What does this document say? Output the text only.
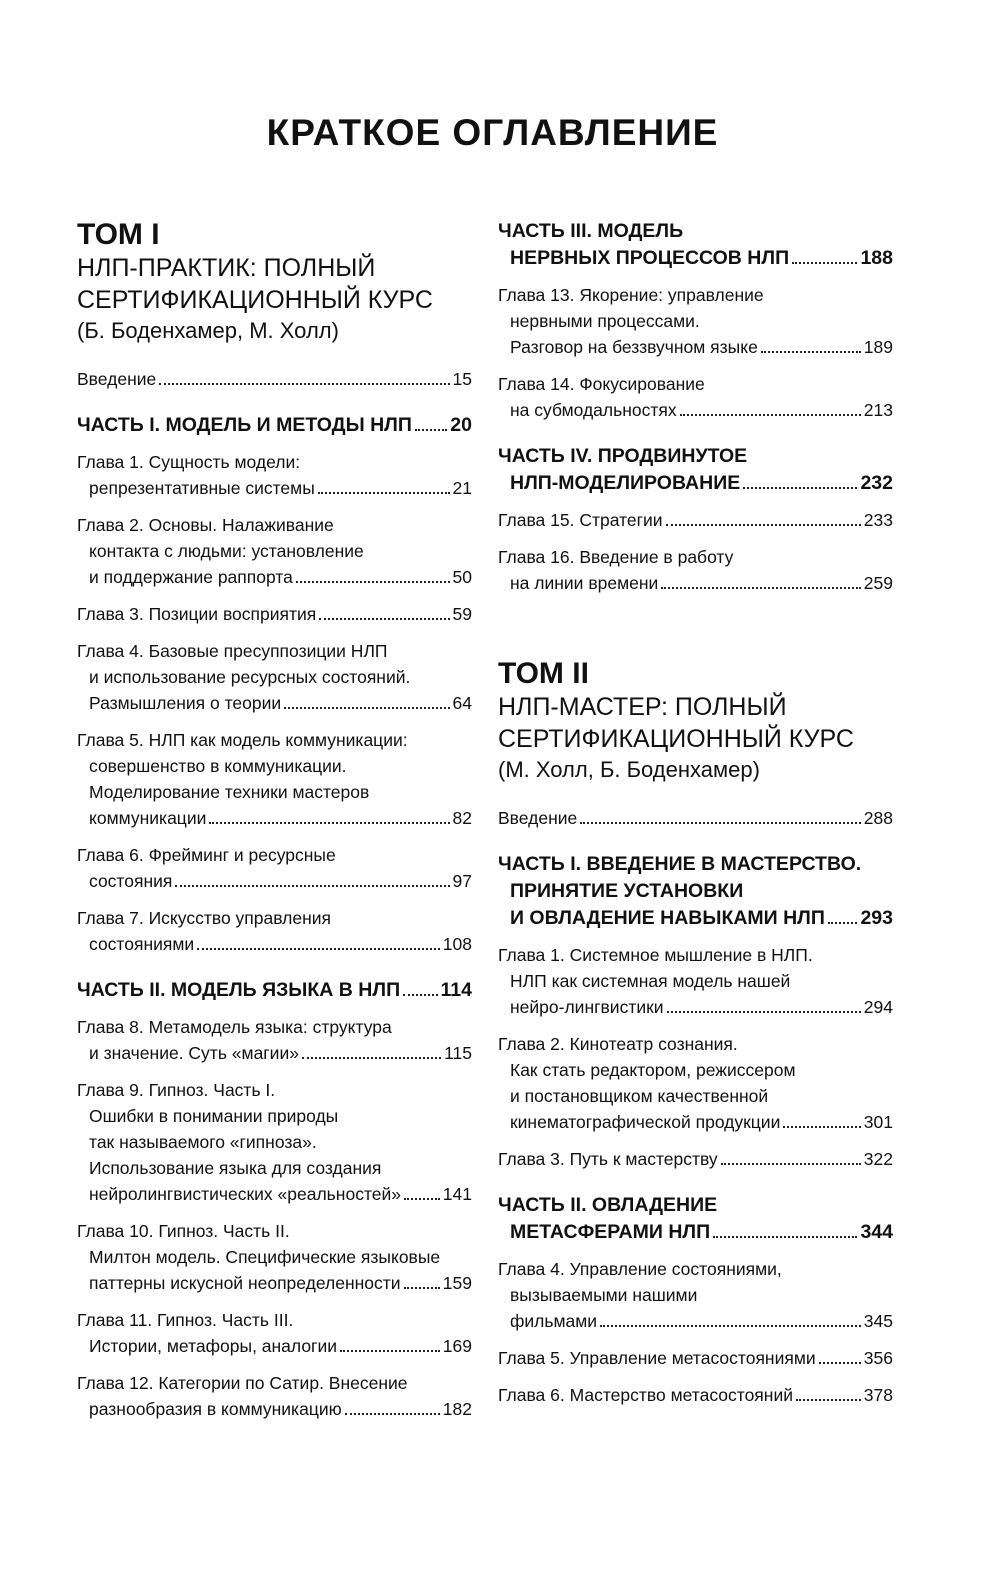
КРАТКОЕ ОГЛАВЛЕНИЕ

ТОМ I

НЛП-ПРАКТИК: ПОЛНЫЙ

СЕРТИФИКАЦИОННЫЙ КУРС

(Б. Боденхамер, М. Холл)

Введение	15
ЧАСТЬ I. МОДЕЛЬ И МЕТОДЫ НЛП 20
Глава 1. Сущность модели:
репрезентативные системы	21
Глава 2. Основы. Налаживание
контакта с людьми: установление
и поддержание раппорта	50
Глава 3. Позиции восприятия	59
Глава 4. Базовые пресуппозиции НЛП
и использование ресурсных состояний.
Размышления о теории	64
Глава 5. НЛП как модель коммуникации:
совершенство в коммуникации.
Моделирование техники мастеров
коммуникации	82
Глава 6. Фрейминг и ресурсные
состояния	97
Глава 7. Искусство управления
состояниями	108
ЧАСТЬ II. МОДЕЛЬ ЯЗЫКА В НЛП 114
Глава 8. Метамодель языка: структура
и значение. Суть «магии»	115
Глава 9. Гипноз. Часть I.
Ошибки в понимании природы
так называемого «гипноза».
Использование языка для создания
нейролингвистических «реальностей» 141
Глава 10. Гипноз. Часть II.
Милтон модель. Специфические языковые
паттерны искусной неопределенности 159
Глава 11. Гипноз. Часть III.
Истории, метафоры, аналогии	169
Глава 12. Категории по Сатир. Внесение
разнообразия в коммуникацию	182
ЧАСТЬ III. МОДЕЛЬ
НЕРВНЫХ ПРОЦЕССОВ НЛП	188
Глава 13. Якорение: управление
нервными процессами.
Разговор на беззвучном языке	189
Глава 14. Фокусирование
на субмодальностях	213
ЧАСТЬ IV. ПРОДВИНУТОЕ
НЛП-МОДЕЛИРОВАНИЕ	232
Глава 15. Стратегии	233
Глава 16. Введение в работу
на линии времени	259

ТОМ II

НЛП-МАСТЕР: ПОЛНЫЙ

СЕРТИФИКАЦИОННЫЙ КУРС

(М. Холл, Б. Боденхамер)

Введение	288
ЧАСТЬ I. ВВЕДЕНИЕ В МАСТЕРСТВО.
ПРИНЯТИЕ УСТАНОВКИ
И ОВЛАДЕНИЕ НАВЫКАМИ НЛП 293
Глава 1. Системное мышление в НЛП.
НЛП как системная модель нашей
нейро-лингвистики	294
Глава 2. Кинотеатр сознания.
Как стать редактором, режиссером
и постановщиком качественной
кинематографической продукции	301
Глава 3. Путь к мастерству	322
ЧАСТЬ II. ОВЛАДЕНИЕ
МЕТАСФЕРАМИ НЛП	344
Глава 4. Управление состояниями,
вызываемыми нашими
фильмами	345
Глава 5. Управление метасостояниями	356
Глава 6. Мастерство метасостояний	378
